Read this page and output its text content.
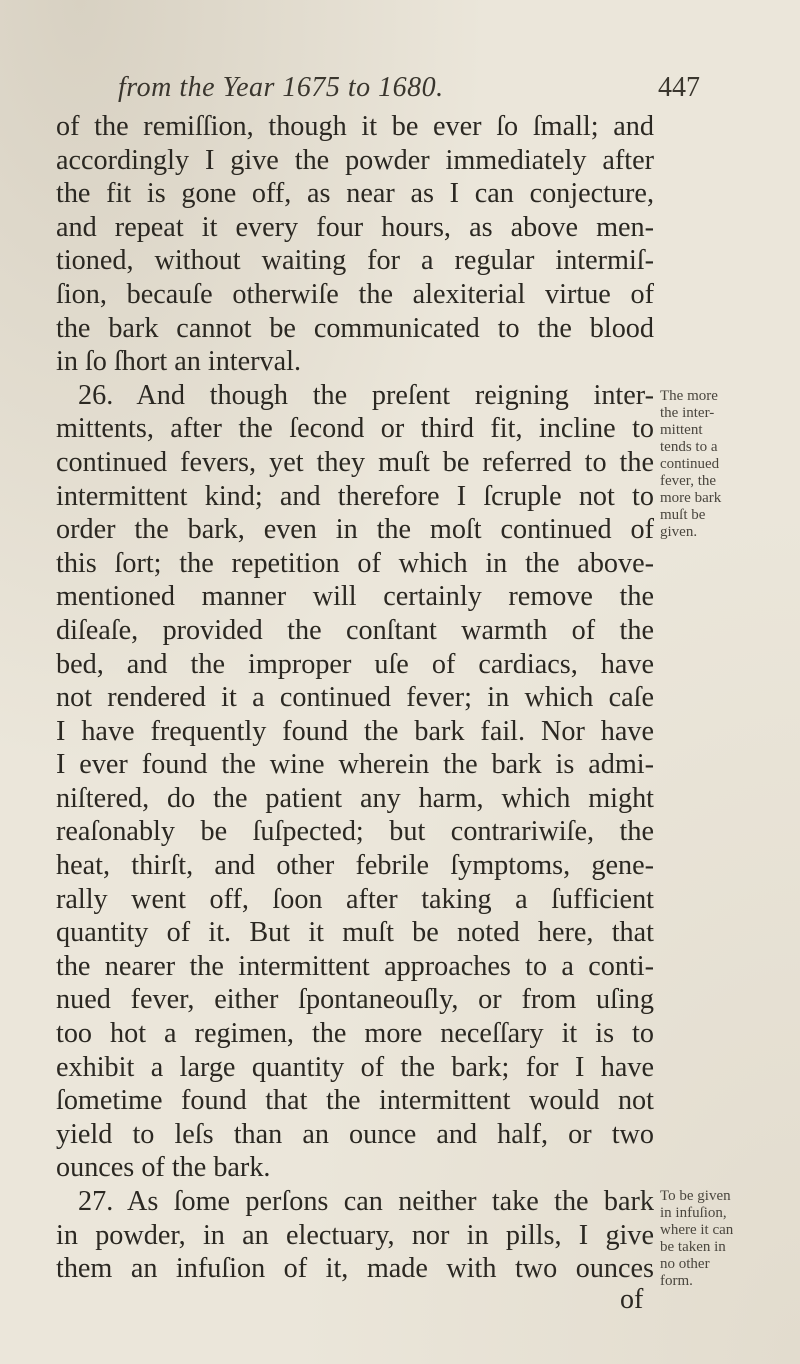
from the Year 1675 to 1680.	447
of the remiſſion, though it be ever ſo ſmall; and
accordingly I give the powder immediately after
the fit is gone off, as near as I can conjecture,
and repeat it every four hours, as above men-
tioned, without waiting for a regular intermiſ-
ſion, becauſe otherwiſe the alexiterial virtue of
the bark cannot be communicated to the blood
in ſo ſhort an interval.
26. And though the preſent reigning inter-
mittents, after the ſecond or third fit, incline to
continued fevers, yet they muſt be referred to the
intermittent kind; and therefore I ſcruple not to
order the bark, even in the moſt continued of
this ſort; the repetition of which in the above-
mentioned manner will certainly remove the
diſeaſe, provided the conſtant warmth of the
bed, and the improper uſe of cardiacs, have
not rendered it a continued fever; in which caſe
I have frequently found the bark fail. Nor have
I ever found the wine wherein the bark is admi-
niſtered, do the patient any harm, which might
reaſonably be ſuſpected; but contrariwiſe, the
heat, thirſt, and other febrile ſymptoms, gene-
rally went off, ſoon after taking a ſufficient
quantity of it. But it muſt be noted here, that
the nearer the intermittent approaches to a conti-
nued fever, either ſpontaneouſly, or from uſing
too hot a regimen, the more neceſſary it is to
exhibit a large quantity of the bark; for I have
ſometime found that the intermittent would not
yield to leſs than an ounce and half, or two
ounces of the bark.
27. As ſome perſons can neither take the bark
in powder, in an electuary, nor in pills, I give
them an infuſion of it, made with two ounces
The more
the inter-
mittent
tends to a
continued
fever, the
more bark
muſt be
given.
To be given
in infuſion,
where it can
be taken in
no other
form.
of
